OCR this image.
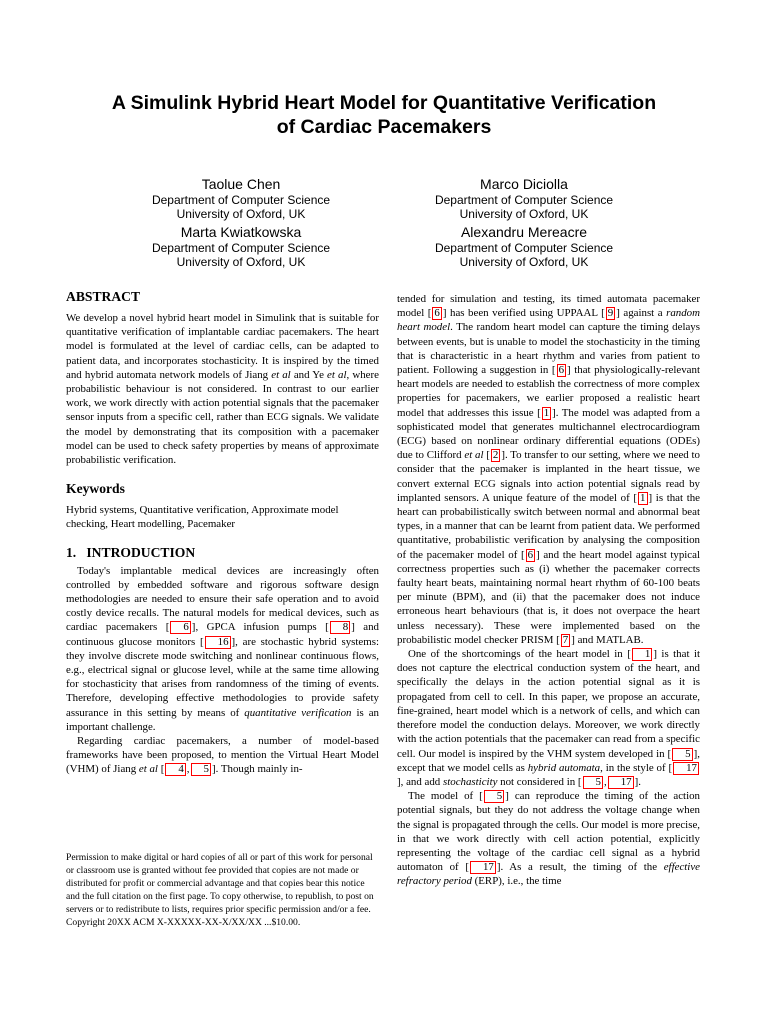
A Simulink Hybrid Heart Model for Quantitative Verification
of Cardiac Pacemakers
Taolue Chen
Department of Computer Science
University of Oxford, UK
Marco Diciolla
Department of Computer Science
University of Oxford, UK
Marta Kwiatkowska
Department of Computer Science
University of Oxford, UK
Alexandru Mereacre
Department of Computer Science
University of Oxford, UK
ABSTRACT

We develop a novel hybrid heart model in Simulink that is suitable for quantitative verification of implantable cardiac pacemakers. The heart model is formulated at the level of cardiac cells, can be adapted to patient data, and incorporates stochasticity. It is inspired by the timed and hybrid automata network models of Jiang et al and Ye et al, where probabilistic behaviour is not considered. In contrast to our earlier work, we work directly with action potential signals that the pacemaker sensor inputs from a specific cell, rather than ECG signals. We validate the model by demonstrating that its composition with a pacemaker model can be used to check safety properties by means of approximate probabilistic verification.

Keywords

Hybrid systems, Quantitative verification, Approximate model checking, Heart modelling, Pacemaker

1.   INTRODUCTION

Today's implantable medical devices are increasingly often controlled by embedded software and rigorous software design methodologies are needed to ensure their safe operation and to avoid costly device recalls. The natural models for medical devices, such as cardiac pacemakers [ 6 ], GPCA infusion pumps [ 8 ] and continuous glucose monitors [ 16 ], are stochastic hybrid systems: they involve discrete mode switching and nonlinear continuous flows, e.g., electrical signal or glucose level, while at the same time allowing for stochasticity that arises from randomness of the timing of events. Therefore, developing effective methodologies to provide safety assurance in this setting by means of quantitative verification is an important challenge.

Regarding cardiac pacemakers, a number of model-based frameworks have been proposed, to mention the Virtual Heart Model (VHM) of Jiang et al [ 4 , 5 ]. Though mainly in-

tended for simulation and testing, its timed automata pacemaker model [ 6 ] has been verified using UPPAAL [ 9 ] against a random heart model. The random heart model can capture the timing delays between events, but is unable to model the stochasticity in the timing that is characteristic in a heart rhythm and varies from patient to patient. Following a suggestion in [ 6 ] that physiologically-relevant heart models are needed to establish the correctness of more complex properties for pacemakers, we earlier proposed a realistic heart model that addresses this issue [ 1 ]. The model was adapted from a sophisticated model that generates multichannel electrocardiogram (ECG) based on nonlinear ordinary differential equations (ODEs) due to Clifford et al [ 2 ]. To transfer to our setting, where we need to consider that the pacemaker is implanted in the heart tissue, we convert external ECG signals into action potential signals read by implanted sensors. A unique feature of the model of [ 1 ] is that the heart can probabilistically switch between normal and abnormal beat types, in a manner that can be learnt from patient data. We performed quantitative, probabilistic verification by analysing the composition of the pacemaker model of [ 6 ] and the heart model against typical correctness properties such as (i) whether the pacemaker corrects faulty heart beats, maintaining normal heart rhythm of 60-100 beats per minute (BPM), and (ii) that the pacemaker does not induce erroneous heart behaviours (that is, it does not overpace the heart unless necessary). These were implemented based on the probabilistic model checker PRISM [ 7 ] and MATLAB.

One of the shortcomings of the heart model in [ 1 ] is that it does not capture the electrical conduction system of the heart, and specifically the delays in the action potential signal as it is propagated from cell to cell. In this paper, we propose an accurate, fine-grained, heart model which is a network of cells, and which can therefore model the conduction delays. Moreover, we work directly with the action potentials that the pacemaker can read from a specific cell. Our model is inspired by the VHM system developed in [ 5 ], except that we model cells as hybrid automata, in the style of [ 17], and add stochasticity not considered in [ 5 , 17 ].

The model of [ 5 ] can reproduce the timing of the action potential signals, but they do not address the voltage change when the signal is propagated through the cells. Our model is more precise, in that we work directly with cell action potential, explicitly representing the voltage of the cardiac cell signal as a hybrid automaton of [ 17 ]. As a result, the timing of the effective refractory period (ERP), i.e., the time

Permission to make digital or hard copies of all or part of this work for personal or classroom use is granted without fee provided that copies are not made or distributed for profit or commercial advantage and that copies bear this notice and the full citation on the first page. To copy otherwise, to republish, to post on servers or to redistribute to lists, requires prior specific permission and/or a fee.

Copyright 20XX ACM X-XXXXX-XX-X/XX/XX ...$10.00.
